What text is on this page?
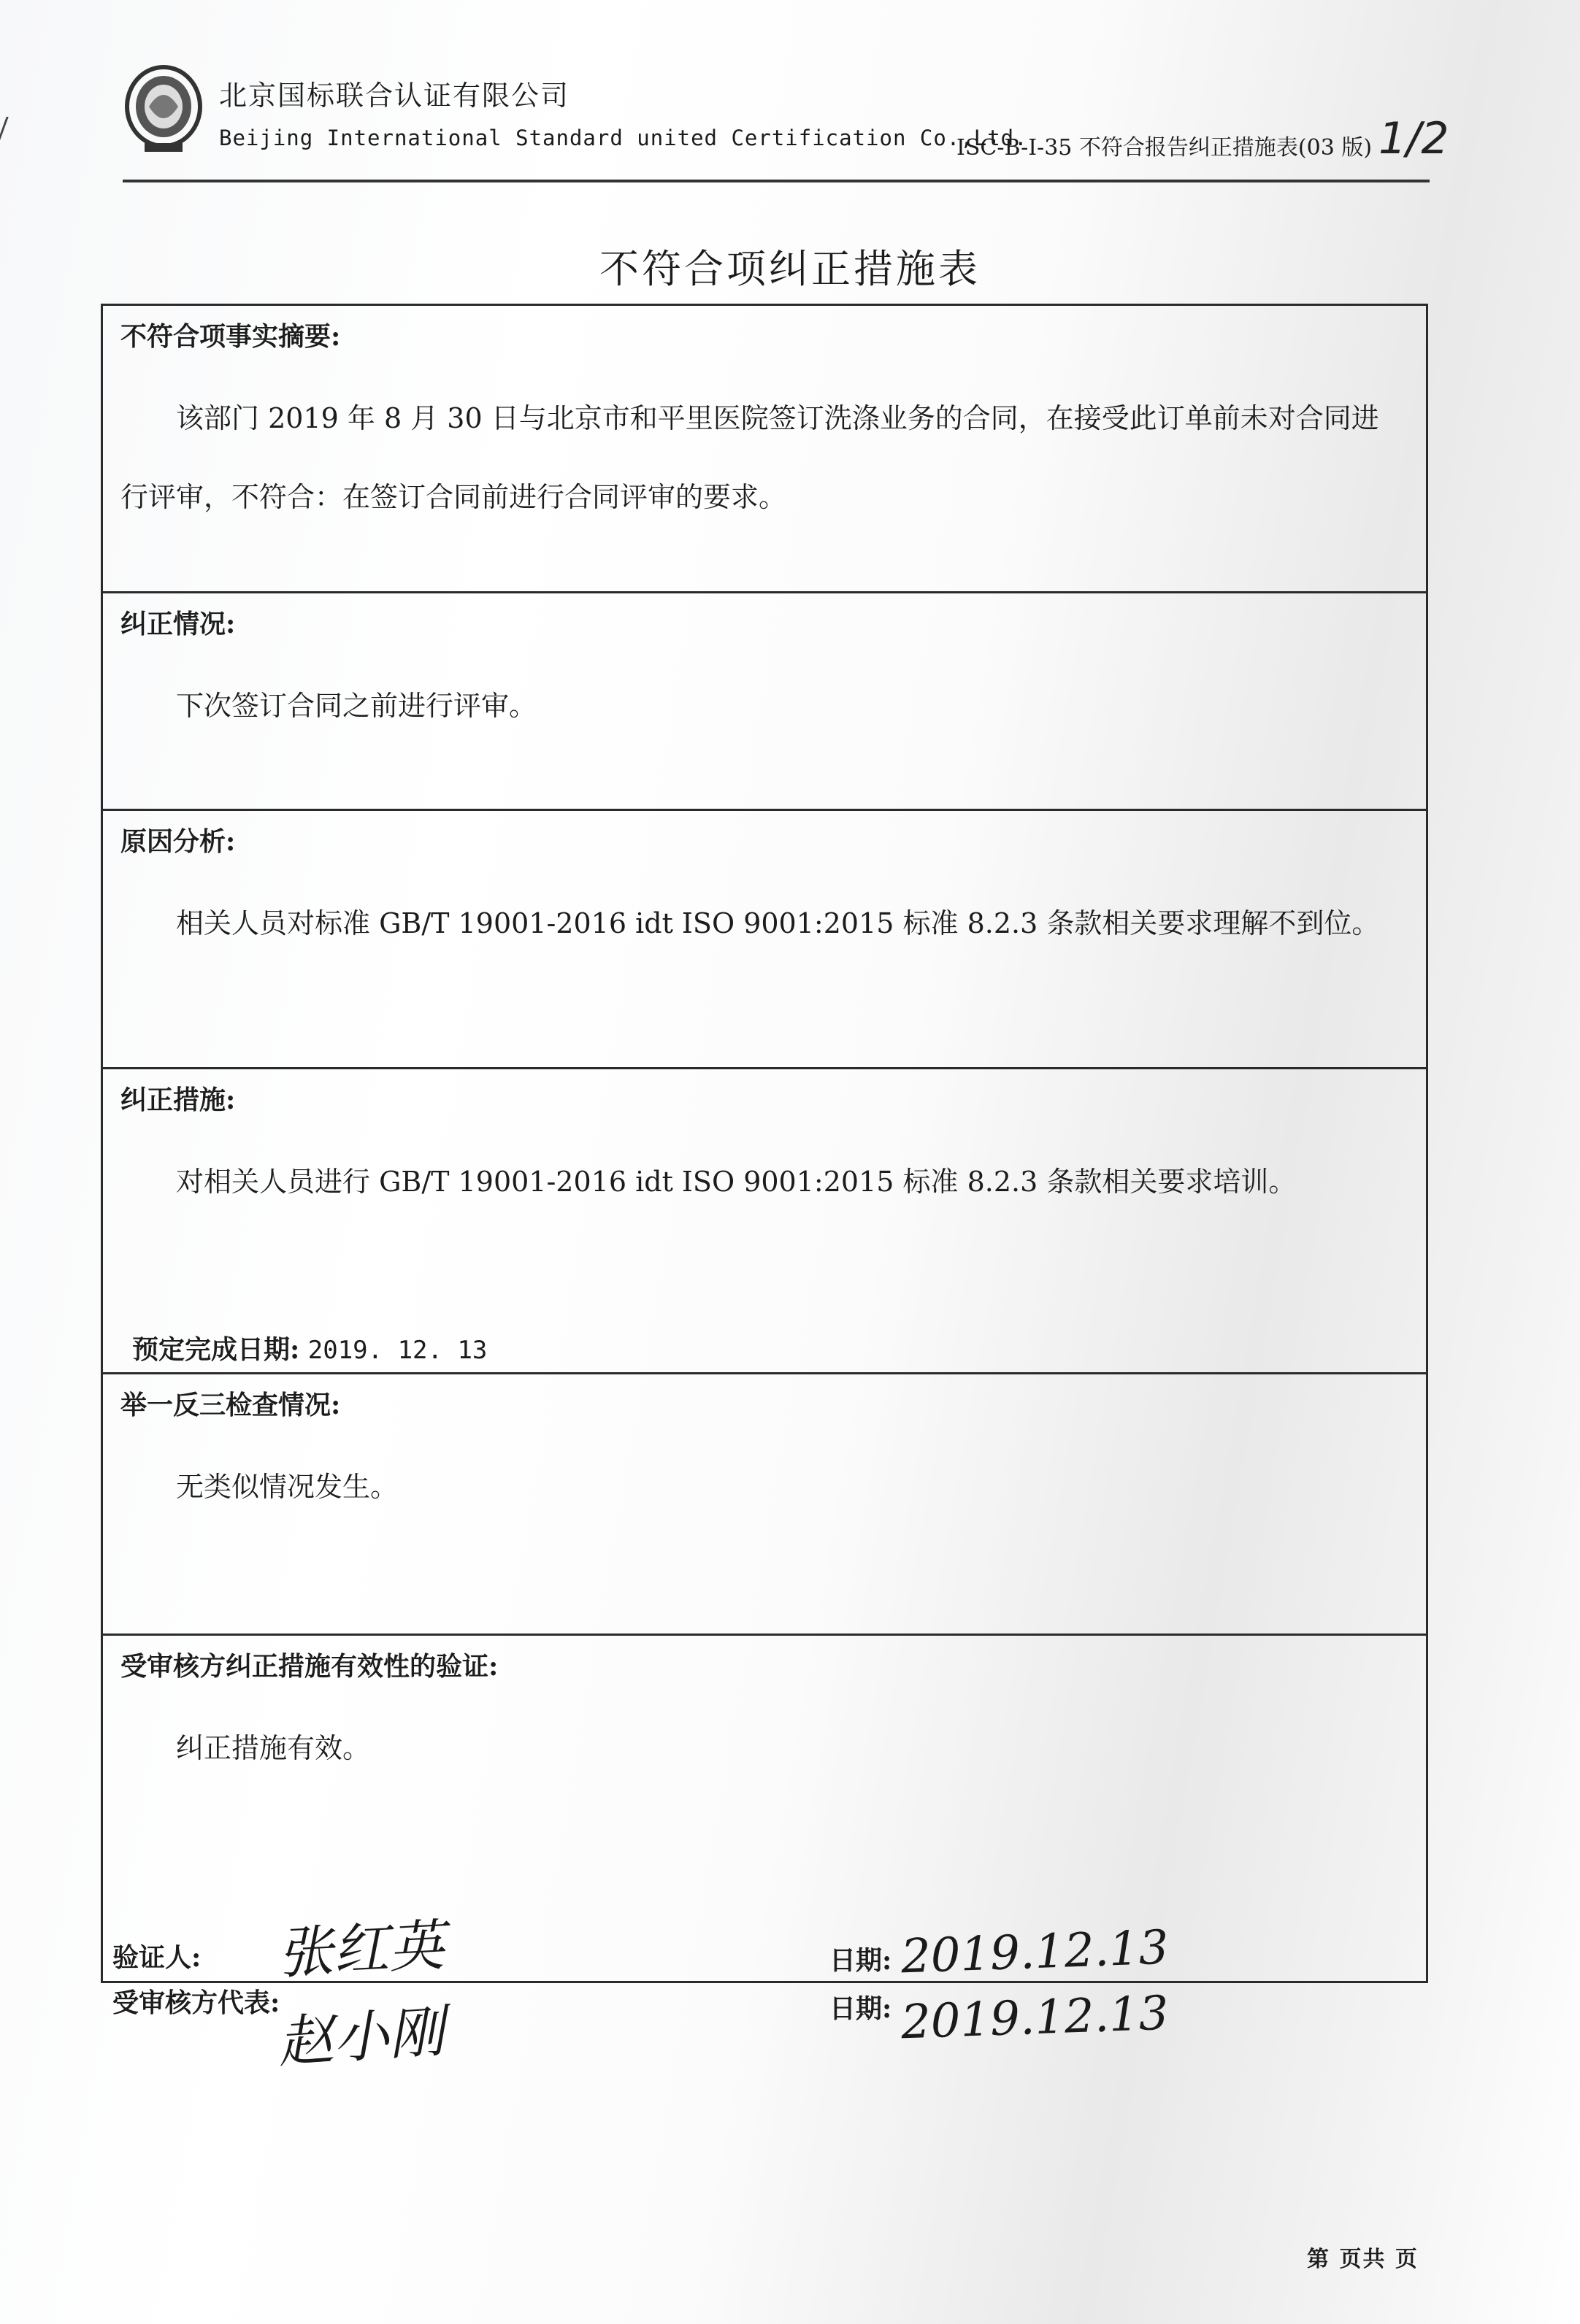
北京国标联合认证有限公司
Beijing International Standard united Certification Co.,Ltd.
ISC-B-I-35 不符合报告纠正措施表(03 版) 1/2
不符合项纠正措施表
不符合项事实摘要:
该部门 2019 年 8 月 30 日与北京市和平里医院签订洗涤业务的合同，在接受此订单前未对合同进行评审，不符合：在签订合同前进行合同评审的要求。
纠正情况:
下次签订合同之前进行评审。
原因分析:
相关人员对标准 GB/T 19001-2016 idt ISO 9001:2015 标准 8.2.3 条款相关要求理解不到位。
纠正措施:
对相关人员进行 GB/T 19001-2016 idt ISO 9001:2015 标准 8.2.3 条款相关要求培训。
预定完成日期: 2019. 12. 13
举一反三检查情况:
无类似情况发生。
受审核方纠正措施有效性的验证:
纠正措施有效。
验证人: 张红英	日期: 2019.12.13
受审核方代表:
赵小刚	日期: 2019.12.13
第 页共 页
